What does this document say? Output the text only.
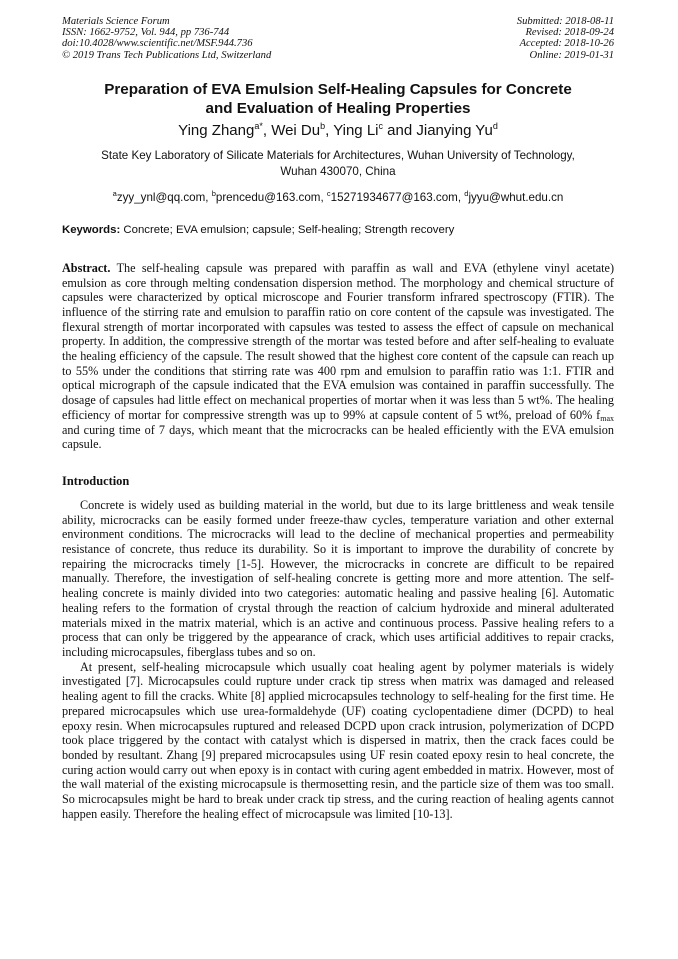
Materials Science Forum
ISSN: 1662-9752, Vol. 944, pp 736-744
doi:10.4028/www.scientific.net/MSF.944.736
© 2019 Trans Tech Publications Ltd, Switzerland
Submitted: 2018-08-11
Revised: 2018-09-24
Accepted: 2018-10-26
Online: 2019-01-31
Preparation of EVA Emulsion Self-Healing Capsules for Concrete
and Evaluation of Healing Properties
Ying Zhang$^{a*}$, Wei Du$^b$, Ying Li$^c$ and Jianying Yu$^d$
State Key Laboratory of Silicate Materials for Architectures, Wuhan University of Technology,
Wuhan 430070, China
$^a$zyy_ynl@qq.com, $^b$prencedu@163.com, $^c$15271934677@163.com, $^d$jyyu@whut.edu.cn
Keywords: Concrete; EVA emulsion; capsule; Self-healing; Strength recovery
Abstract. The self-healing capsule was prepared with paraffin as wall and EVA (ethylene vinyl acetate) emulsion as core through melting condensation dispersion method. The morphology and chemical structure of capsules were characterized by optical microscope and Fourier transform infrared spectroscopy (FTIR). The influence of the stirring rate and emulsion to paraffin ratio on core content of the capsule was investigated. The flexural strength of mortar incorporated with capsules was tested to assess the effect of capsule on mechanical property. In addition, the compressive strength of the mortar was tested before and after self-healing to evaluate the healing efficiency of the capsule. The result showed that the highest core content of the capsule can reach up to 55% under the conditions that stirring rate was 400 rpm and emulsion to paraffin ratio was 1:1. FTIR and optical micrograph of the capsule indicated that the EVA emulsion was contained in paraffin successfully. The dosage of capsules had little effect on mechanical properties of mortar when it was less than 5 wt%. The healing efficiency of mortar for compressive strength was up to 99% at capsule content of 5 wt%, preload of 60% $f_{max}$ and curing time of 7 days, which meant that the microcracks can be healed efficiently with the EVA emulsion capsule.
Introduction

Concrete is widely used as building material in the world, but due to its large brittleness and weak tensile ability, microcracks can be easily formed under freeze-thaw cycles, temperature variation and other external environment conditions. The microcracks will lead to the decline of mechanical properties and permeability resistance of concrete, thus reduce its durability. So it is important to improve the durability of concrete by repairing the microcracks timely [1-5]. However, the microcracks in concrete are difficult to be repaired manually. Therefore, the investigation of self-healing concrete is getting more and more attention. The self-healing concrete is mainly divided into two categories: automatic healing and passive healing [6]. Automatic healing refers to the formation of crystal through the reaction of calcium hydroxide and mineral adulterated materials mixed in the matrix material, which is an active and continuous process. Passive healing refers to a process that can only be triggered by the appearance of crack, which uses artificial additives to repair cracks, including microcapsules, fiberglass tubes and so on.

At present, self-healing microcapsule which usually coat healing agent by polymer materials is widely investigated [7]. Microcapsules could rupture under crack tip stress when matrix was damaged and released healing agent to fill the cracks. White [8] applied microcapsules technology to self-healing for the first time. He prepared microcapsules which use urea-formaldehyde (UF) coating cyclopentadiene dimer (DCPD) to heal epoxy resin. When microcapsules ruptured and released DCPD upon crack intrusion, polymerization of DCPD took place triggered by the contact with catalyst which is dispersed in matrix, then the crack faces could be bonded by resultant. Zhang [9] prepared microcapsules using UF resin coated epoxy resin to heal concrete, the curing action would carry out when epoxy is in contact with curing agent embedded in matrix. However, most of the wall material of the existing microcapsule is thermosetting resin, and the particle size of them was too small. So microcapsules might be hard to break under crack tip stress, and the curing reaction of healing agents cannot happen easily. Therefore the healing effect of microcapsule was limited [10-13].
